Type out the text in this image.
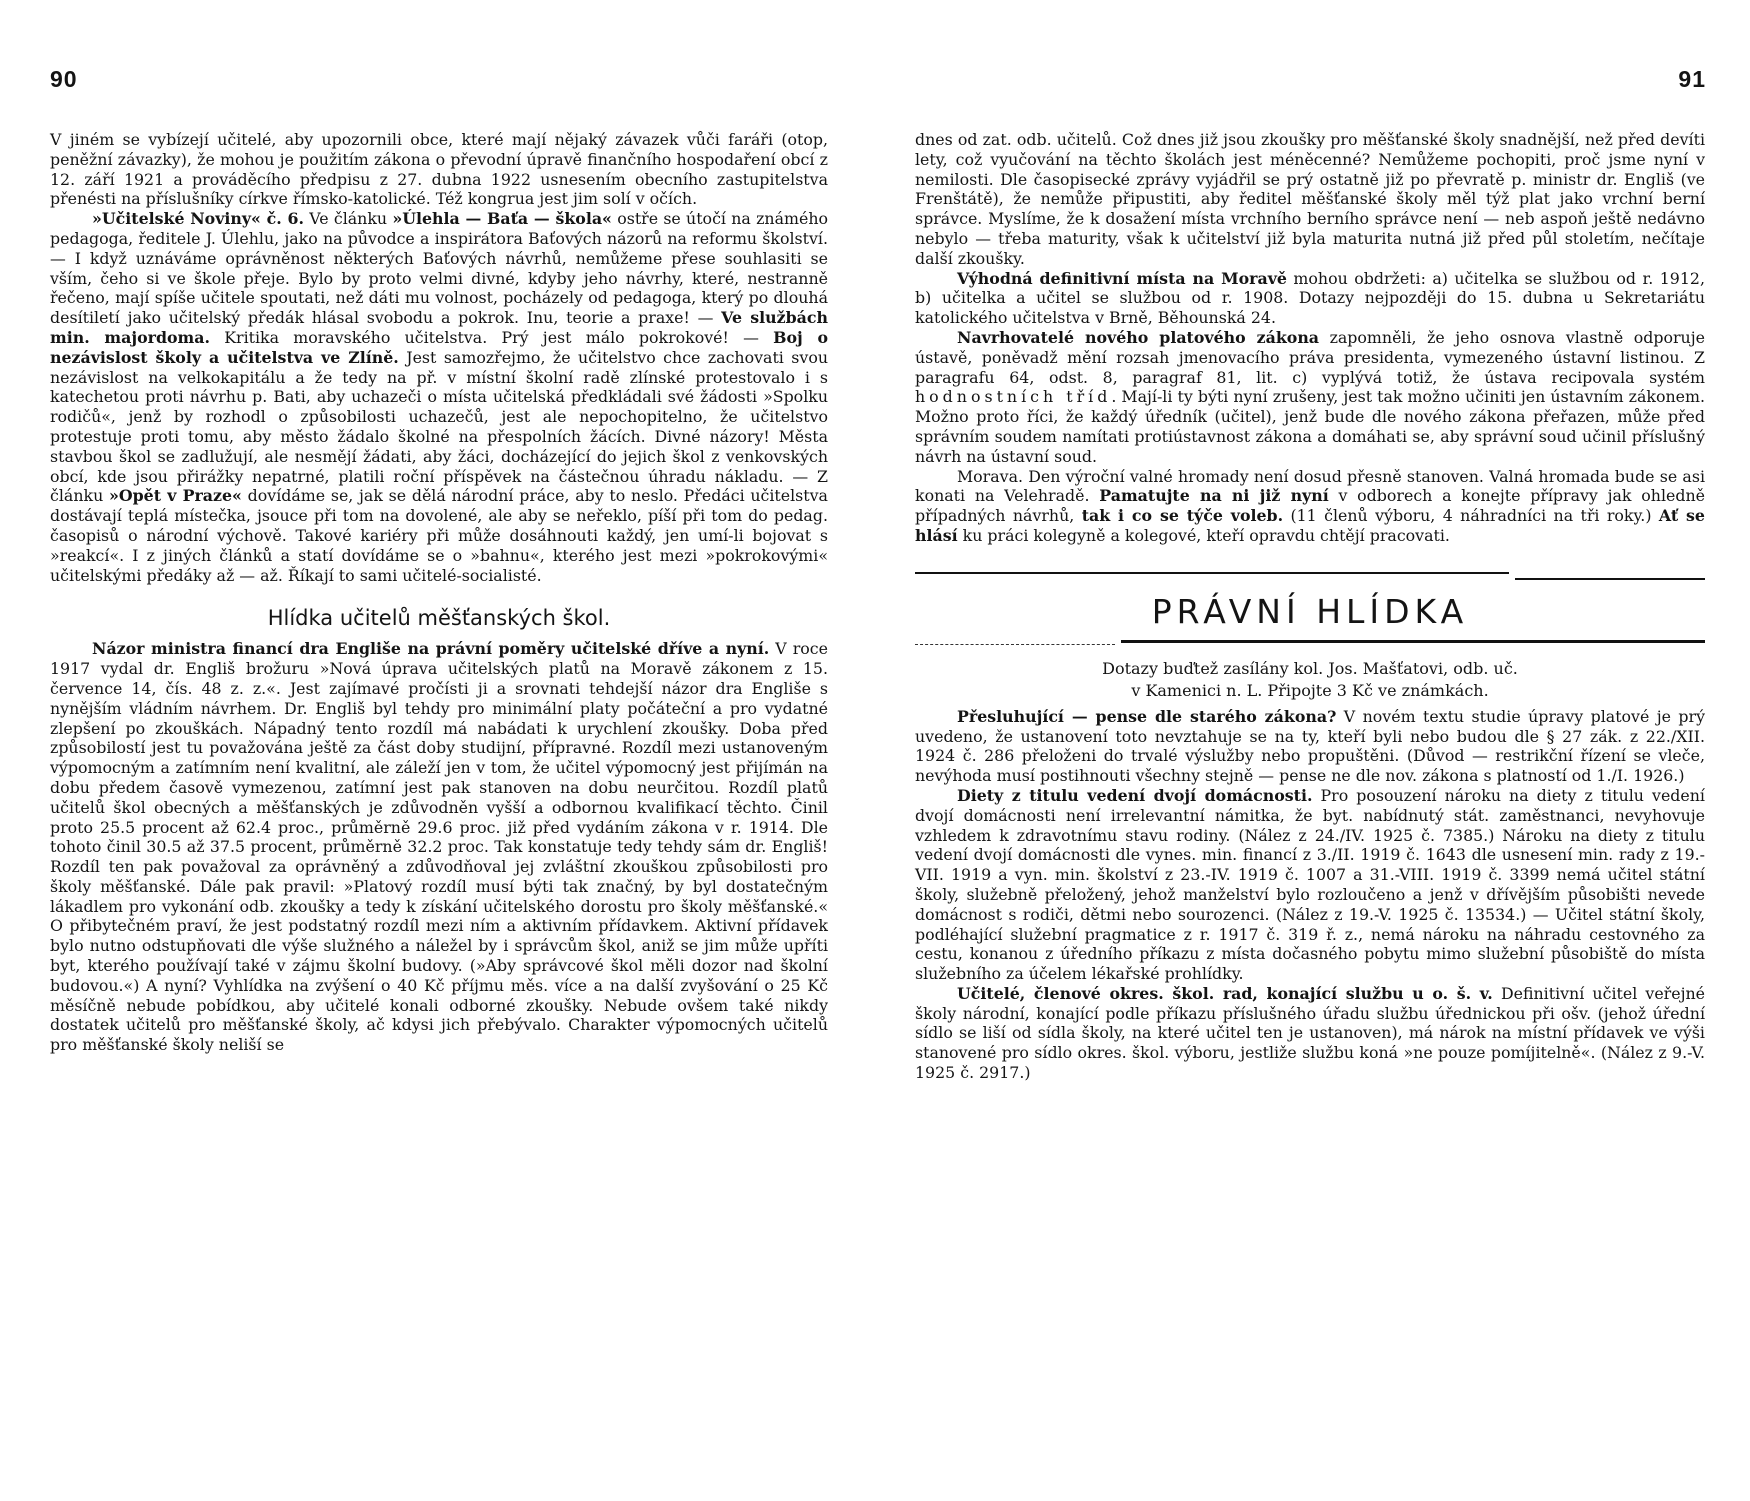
90

V jiném se vybízejí učitelé, aby upozornili obce, které mají nějaký závazek vůči faráři (otop, peněžní závazky), že mohou je použitím zákona o převodní úpravě finančního hospodaření obcí z 12. září 1921 a prováděcího předpisu z 27. dubna 1922 usnesením obecního zastupitelstva přenésti na příslušníky církve římsko-katolické. Též kongrua jest jim solí v očích.

»Učitelské Noviny« č. 6. Ve článku »Úlehla — Baťa — škola« ostře se útočí na známého pedagoga, ředitele J. Úlehlu, jako na původce a inspirátora Baťových názorů na reformu školství. — I když uznáváme oprávněnost některých Baťových návrhů, nemůžeme přese souhlasiti se vším, čeho si ve škole přeje. Bylo by proto velmi divné, kdyby jeho návrhy, které, nestranně řečeno, mají spíše učitele spoutati, než dáti mu volnost, pocházely od pedagoga, který po dlouhá desítiletí jako učitelský předák hlásal svobodu a pokrok. Inu, teorie a praxe! — Ve službách min. majordoma. Kritika moravského učitelstva. Prý jest málo pokrokové! — Boj o nezávislost školy a učitelstva ve Zlíně. Jest samozřejmo, že učitelstvo chce zachovati svou nezávislost na velkokapitálu a že tedy na př. v místní školní radě zlínské protestovalo i s katechetou proti návrhu p. Bati, aby uchazeči o místa učitelská předkládali své žádosti »Spolku rodičů«, jenž by rozhodl o způsobilosti uchazečů, jest ale nepochopitelno, že učitelstvo protestuje proti tomu, aby město žádalo školné na přespolních žácích. Divné názory! Města stavbou škol se zadlužují, ale nesmějí žádati, aby žáci, docházející do jejich škol z venkovských obcí, kde jsou přirážky nepatrné, platili roční příspěvek na částečnou úhradu nákladu. — Z článku »Opět v Praze« dovídáme se, jak se dělá národní práce, aby to neslo. Předáci učitelstva dostávají teplá místečka, jsouce při tom na dovolené, ale aby se neřeklo, píší při tom do pedag. časopisů o národní výchově. Takové kariéry při může dosáhnouti každý, jen umí-li bojovat s »reakcí«. I z jiných článků a statí dovídáme se o »bahnu«, kterého jest mezi »pokrokovými« učitelskými předáky až — až. Říkají to sami učitelé-socialisté.

Hlídka učitelů měšťanských škol.

Názor ministra financí dra Engliše na právní poměry učitelské dříve a nyní. V roce 1917 vydal dr. Engliš brožuru »Nová úprava učitelských platů na Moravě zákonem z 15. července 14, čís. 48 z. z.«. Jest zajímavé pročísti ji a srovnati tehdejší názor dra Engliše s nynějším vládním návrhem. Dr. Engliš byl tehdy pro minimální platy počáteční a pro vydatné zlepšení po zkouškách. Nápadný tento rozdíl má nabádati k urychlení zkoušky. Doba před způsobilostí jest tu považována ještě za část doby studijní, přípravné. Rozdíl mezi ustanoveným výpomocným a zatímním není kvalitní, ale záleží jen v tom, že učitel výpomocný jest přijímán na dobu předem časově vymezenou, zatímní jest pak stanoven na dobu neurčitou. Rozdíl platů učitelů škol obecných a měšťanských je zdůvodněn vyšší a odbornou kvalifikací těchto. Činil proto 25.5 procent až 62.4 proc., průměrně 29.6 proc. již před vydáním zákona v r. 1914. Dle tohoto činil 30.5 až 37.5 procent, průměrně 32.2 proc. Tak konstatuje tedy tehdy sám dr. Engliš! Rozdíl ten pak považoval za oprávněný a zdůvodňoval jej zvláštní zkouškou způsobilosti pro školy měšťanské. Dále pak pravil: »Platový rozdíl musí býti tak značný, by byl dostatečným lákadlem pro vykonání odb. zkoušky a tedy k získání učitelského dorostu pro školy měšťanské.« O přibytečném praví, že jest podstatný rozdíl mezi ním a aktivním přídavkem. Aktivní přídavek bylo nutno odstupňovati dle výše služného a náležel by i správcům škol, aniž se jim může upříti byt, kterého používají také v zájmu školní budovy. (»Aby správcové škol měli dozor nad školní budovou.«) A nyní? Vyhlídka na zvýšení o 40 Kč příjmu měs. více a na další zvyšování o 25 Kč měsíčně nebude pobídkou, aby učitelé konali odborné zkoušky. Nebude ovšem také nikdy dostatek učitelů pro měšťanské školy, ač kdysi jich přebývalo. Charakter výpomocných učitelů pro měšťanské školy neliší se

91

dnes od zat. odb. učitelů. Což dnes již jsou zkoušky pro měšťanské školy snadnější, než před devíti lety, což vyučování na těchto školách jest méněcenné? Nemůžeme pochopiti, proč jsme nyní v nemilosti. Dle časopisecké zprávy vyjádřil se prý ostatně již po převratě p. ministr dr. Engliš (ve Frenštátě), že nemůže připustiti, aby ředitel měšťanské školy měl týž plat jako vrchní berní správce. Myslíme, že k dosažení místa vrchního berního správce není — neb aspoň ještě nedávno nebylo — třeba maturity, však k učitelství již byla maturita nutná již před půl stoletím, nečítaje další zkoušky.

Výhodná definitivní místa na Moravě mohou obdržeti: a) učitelka se službou od r. 1912, b) učitelka a učitel se službou od r. 1908. Dotazy nejpozději do 15. dubna u Sekretariátu katolického učitelstva v Brně, Běhounská 24.

Navrhovatelé nového platového zákona zapomněli, že jeho osnova vlastně odporuje ústavě, poněvadž mění rozsah jmenovacího práva presidenta, vymezeného ústavní listinou. Z paragrafu 64, odst. 8, paragraf 81, lit. c) vyplývá totiž, že ústava recipovala systém hodnostních tříd. Mají-li ty býti nyní zrušeny, jest tak možno učiniti jen ústavním zákonem. Možno proto říci, že každý úředník (učitel), jenž bude dle nového zákona přeřazen, může před správním soudem namítati protiústavnost zákona a domáhati se, aby správní soud učinil příslušný návrh na ústavní soud.

Morava. Den výroční valné hromady není dosud přesně stanoven. Valná hromada bude se asi konati na Velehradě. Pamatujte na ni již nyní v odborech a konejte přípravy jak ohledně případných návrhů, tak i co se týče voleb. (11 členů výboru, 4 náhradníci na tři roky.) Ať se hlásí ku práci kolegyně a kolegové, kteří opravdu chtějí pracovati.

PRÁVNÍ HLÍDKA
Dotazy buďtež zasílány kol. Jos. Mašťatovi, odb. uč.
v Kamenici n. L. Připojte 3 Kč ve známkách.

Přesluhující — pense dle starého zákona? V novém textu studie úpravy platové je prý uvedeno, že ustanovení toto nevztahuje se na ty, kteří byli nebo budou dle § 27 zák. z 22./XII. 1924 č. 286 přeloženi do trvalé výslužby nebo propuštěni. (Důvod — restrikční řízení se vleče, nevýhoda musí postihnouti všechny stejně — pense ne dle nov. zákona s platností od 1./I. 1926.)

Diety z titulu vedení dvojí domácnosti. Pro posouzení nároku na diety z titulu vedení dvojí domácnosti není irrelevantní námitka, že byt. nabídnutý stát. zaměstnanci, nevyhovuje vzhledem k zdravotnímu stavu rodiny. (Nález z 24./IV. 1925 č. 7385.) Nároku na diety z titulu vedení dvojí domácnosti dle vynes. min. financí z 3./II. 1919 č. 1643 dle usnesení min. rady z 19.-VII. 1919 a vyn. min. školství z 23.-IV. 1919 č. 1007 a 31.-VIII. 1919 č. 3399 nemá učitel státní školy, služebně přeložený, jehož manželství bylo rozloučeno a jenž v dřívějším působišti nevede domácnost s rodiči, dětmi nebo sourozenci. (Nález z 19.-V. 1925 č. 13534.) — Učitel státní školy, podléhající služební pragmatice z r. 1917 č. 319 ř. z., nemá nároku na náhradu cestovného za cestu, konanou z úředního příkazu z místa dočasného pobytu mimo služební působiště do místa služebního za účelem lékařské prohlídky.

Učitelé, členové okres. škol. rad, konající službu u o. š. v. Definitivní učitel veřejné školy národní, konající podle příkazu příslušného úřadu službu úřednickou při ošv. (jehož úřední sídlo se liší od sídla školy, na které učitel ten je ustanoven), má nárok na místní přídavek ve výši stanovené pro sídlo okres. škol. výboru, jestliže službu koná »ne pouze pomíjitelně«. (Nález z 9.-V. 1925 č. 2917.)
